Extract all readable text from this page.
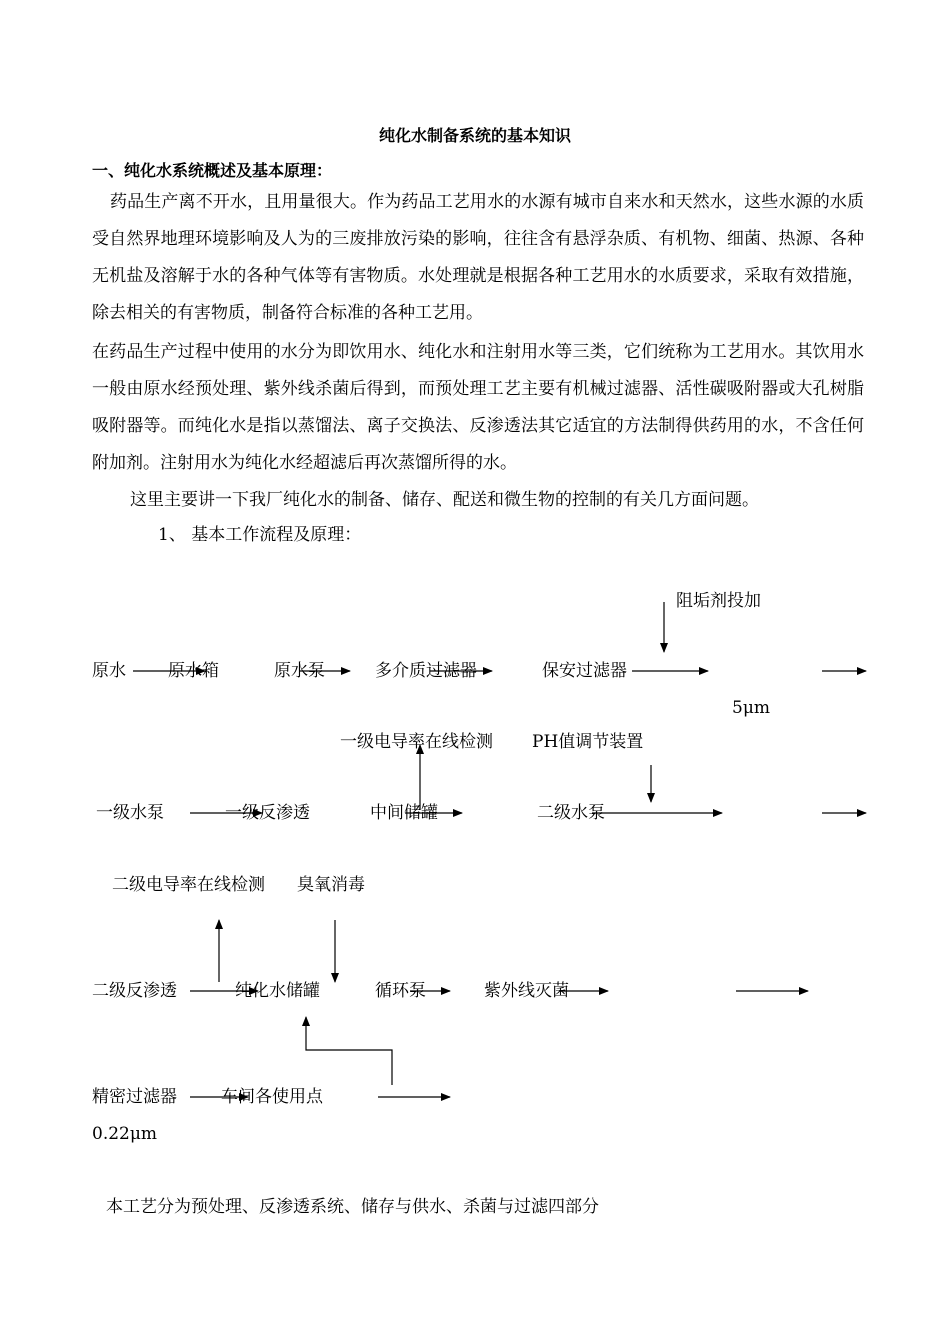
纯化水制备系统的基本知识
一、纯化水系统概述及基本原理：
药品生产离不开水，且用量很大。作为药品工艺用水的水源有城市自来水和天然水，这些水源的水质受自然界地理环境影响及人为的三废排放污染的影响，往往含有悬浮杂质、有机物、细菌、热源、各种无机盐及溶解于水的各种气体等有害物质。水处理就是根据各种工艺用水的水质要求，采取有效措施，除去相关的有害物质，制备符合标准的各种工艺用。
在药品生产过程中使用的水分为即饮用水、纯化水和注射用水等三类，它们统称为工艺用水。其饮用水一般由原水经预处理、紫外线杀菌后得到，而预处理工艺主要有机械过滤器、活性碳吸附器或大孔树脂吸附器等。而纯化水是指以蒸馏法、离子交换法、反渗透法其它适宜的方法制得供药用的水，不含任何附加剂。注射用水为纯化水经超滤后再次蒸馏所得的水。
这里主要讲一下我厂纯化水的制备、储存、配送和微生物的控制的有关几方面问题。
1、 基本工作流程及原理：
原水 原水箱	原水泵	多介质过滤器	保安过滤器
阻垢剂投加
5μm
一级电导率在线检测 PH值调节装置
一级水泵	一级反渗透	中间储罐	二级水泵
二级电导率在线检测 臭氧消毒
二级反渗透	纯化水储罐	循环泵	紫外线灭菌
精密过滤器	车间各使用点
0.22μm
本工艺分为预处理、反渗透系统、储存与供水、杀菌与过滤四部分
